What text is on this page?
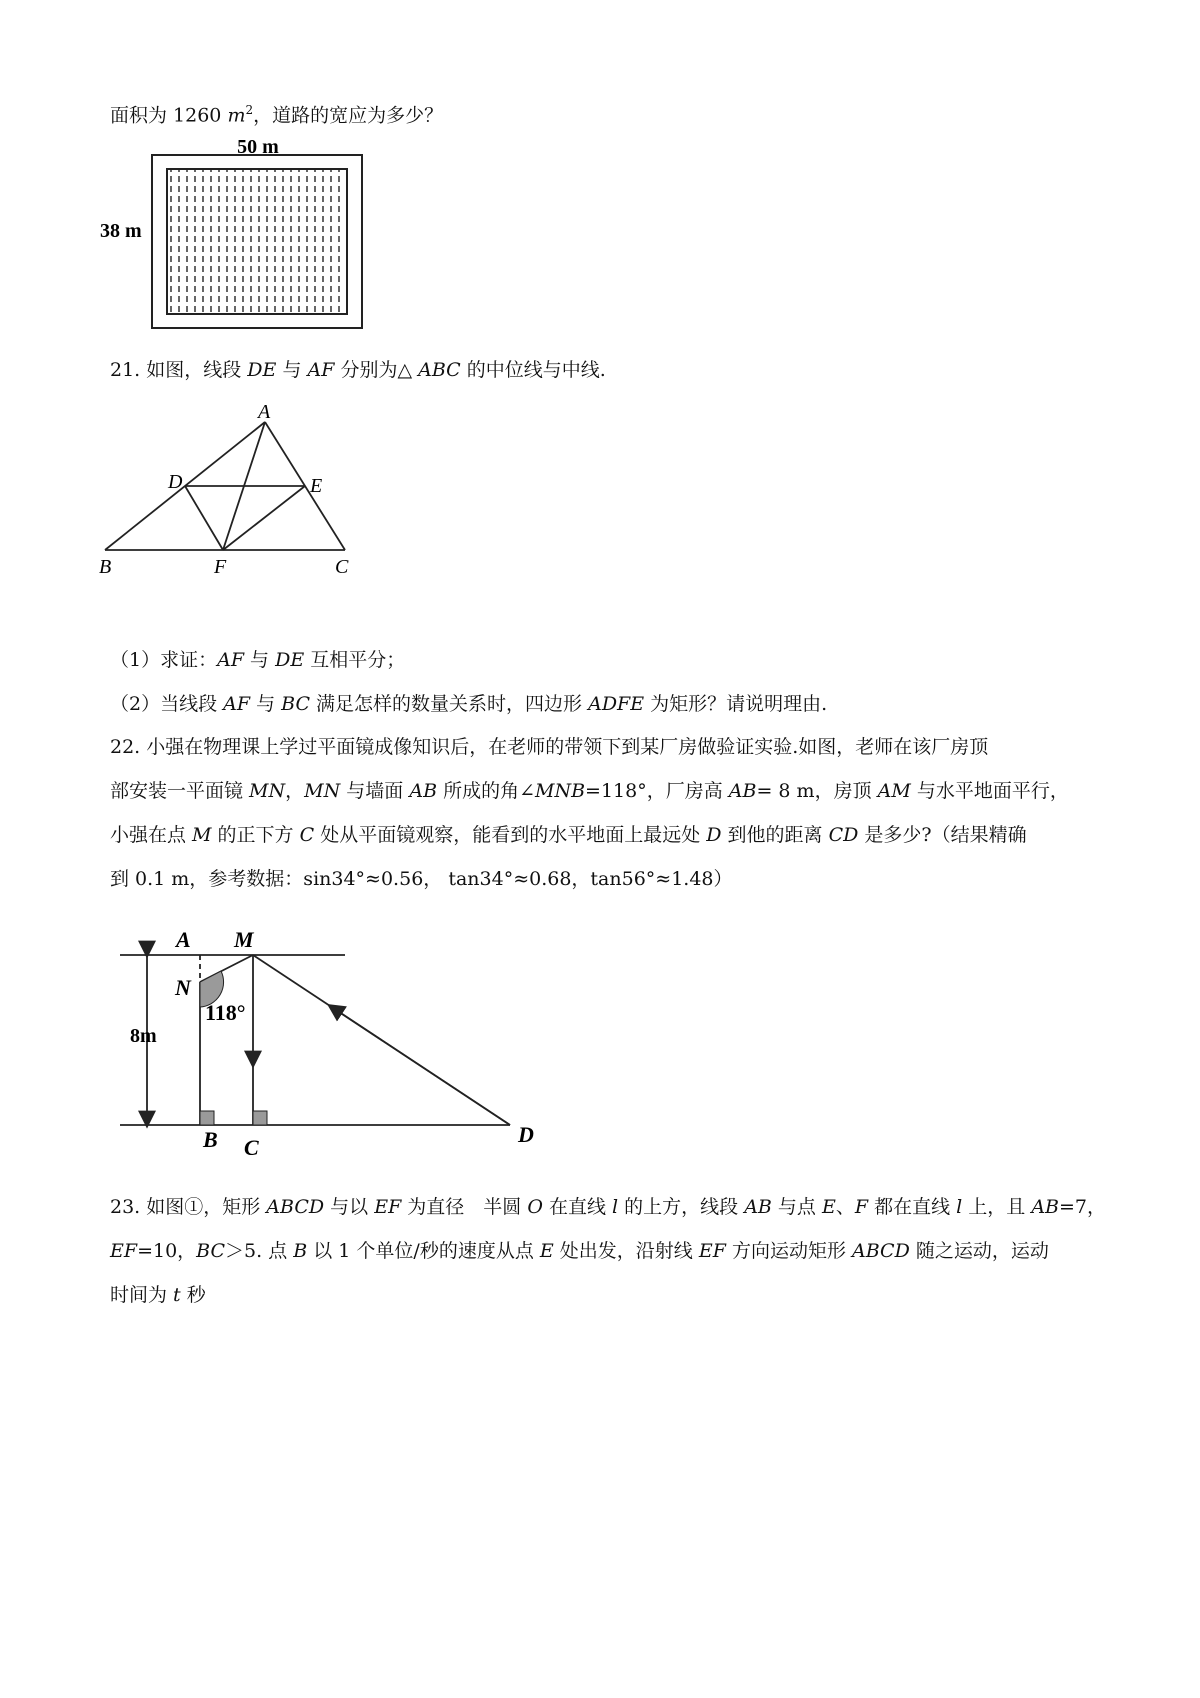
面积为 1260 $m^2$，道路的宽应为多少？
50 m
38 m
21. 如图，线段 DE 与 AF 分别为△ ABC 的中位线与中线.
A
D	E
B	F	C
（1）求证：AF 与 DE 互相平分；
（2）当线段 AF 与 BC 满足怎样的数量关系时，四边形 ADFE 为矩形？请说明理由.
22. 小强在物理课上学过平面镜成像知识后，在老师的带领下到某厂房做验证实验.如图，老师在该厂房顶
部安装一平面镜 MN，MN 与墙面 AB 所成的角∠MNB=118°，厂房高 AB= 8 m，房顶 AM 与水平地面平行，
小强在点 M 的正下方 C 处从平面镜观察，能看到的水平地面上最远处 D 到他的距离 CD 是多少?（结果精确
到 0.1 m，参考数据：sin34°≈0.56， tan34°≈0.68，tan56°≈1.48）
A M
N
B C
D
118°
8m
23. 如图①，矩形 ABCD 与以 EF 为直径　半圆 O 在直线 l 的上方，线段 AB 与点 E、F 都在直线 l 上，且 AB=7，
EF=10，BC＞5. 点 B 以 1 个单位/秒的速度从点 E 处出发，沿射线 EF 方向运动矩形 ABCD 随之运动，运动
时间为 t 秒
